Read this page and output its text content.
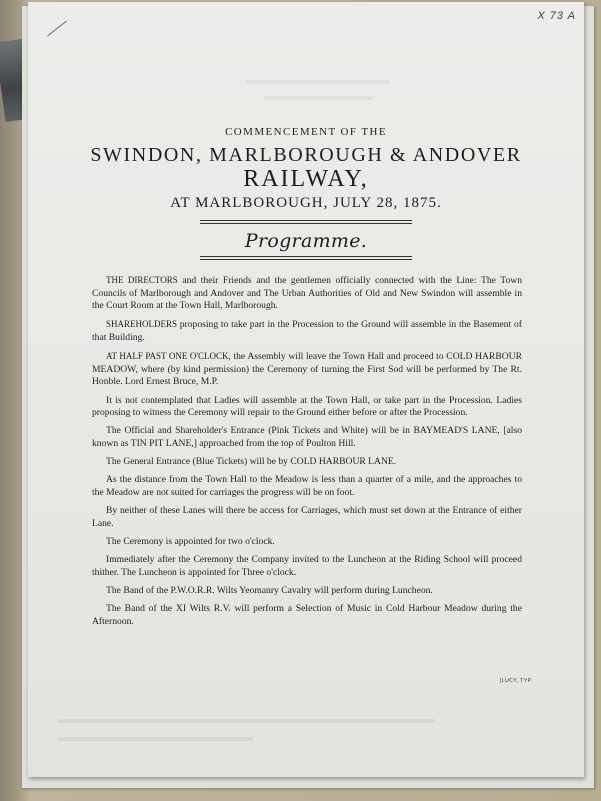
X 73 A
▬▬▬▬▬▬▬▬▬▬▬▬
▬▬▬▬▬▬▬▬▬
▬▬▬▬▬▬▬▬▬▬▬▬▬▬▬▬▬▬▬▬▬▬▬▬▬▬▬▬▬
▬▬▬▬▬▬▬▬▬▬▬▬▬▬▬
COMMENCEMENT OF THE
SWINDON, MARLBOROUGH & ANDOVER
RAILWAY,
AT MARLBOROUGH, JULY 28, 1875.
Programme.

THE DIRECTORS and their Friends and the gentlemen officially connected with the Line: The Town Councils of Marlborough and Andover and The Urban Authorities of Old and New Swindon will assemble in the Court Room at the Town Hall, Marlborough.

SHAREHOLDERS proposing to take part in the Procession to the Ground will assemble in the Basement of that Building.

AT HALF PAST ONE O'CLOCK, the Assembly will leave the Town Hall and proceed to COLD HARBOUR MEADOW, where (by kind permission) the Ceremony of turning the First Sod will be performed by The Rt. Honble. Lord Ernest Bruce, M.P.

It is not contemplated that Ladies will assemble at the Town Hall, or take part in the Procession. Ladies proposing to witness the Ceremony will repair to the Ground either before or after the Procession.

The Official and Shareholder's Entrance (Pink Tickets and White) will be in BAYMEAD'S LANE, [also known as TIN PIT LANE,] approached from the top of Poulton Hill.

The General Entrance (Blue Tickets) will be by COLD HARBOUR LANE.

As the distance from the Town Hall to the Meadow is less than a quarter of a mile, and the approaches to the Meadow are not suited for carriages the progress will be on foot.

By neither of these Lanes will there be access for Carriages, which must set down at the Entrance of either Lane.

The Ceremony is appointed for two o'clock.

Immediately after the Ceremony the Company invited to the Luncheon at the Riding School will proceed thither. The Luncheon is appointed for Three o'clock.

The Band of the P.W.O.R.R. Wilts Yeomanry Cavalry will perform during Luncheon.

The Band of the XI Wilts R.V. will perform a Selection of Music in Cold Harbour Meadow during the Afternoon.

[LUCY, TYP.
